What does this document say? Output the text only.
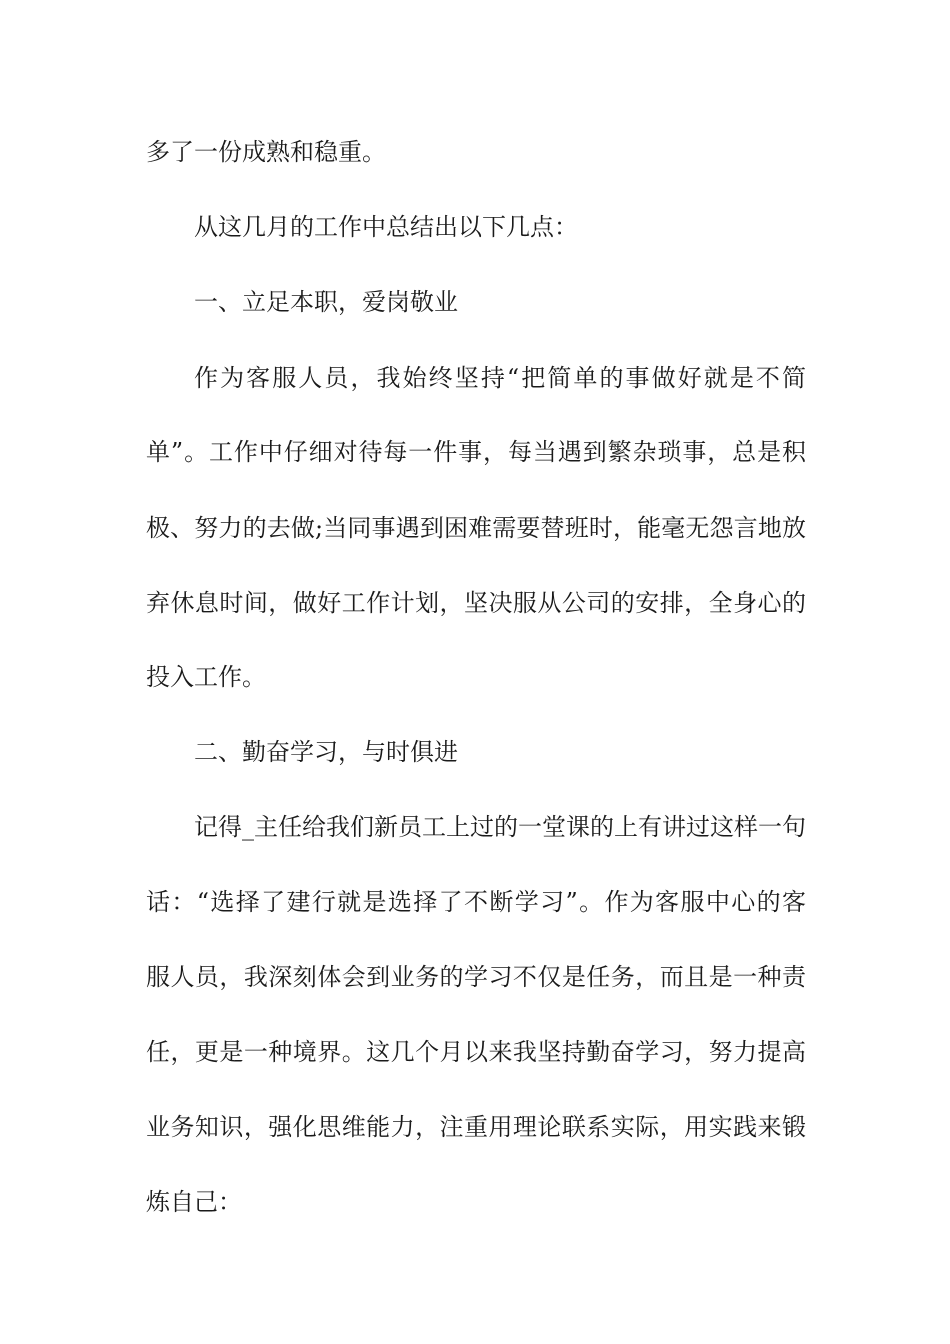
多了一份成熟和稳重。
从这几月的工作中总结出以下几点：
一、立足本职，爱岗敬业
作为客服人员，我始终坚持“把简单的事做好就是不简
单”。工作中仔细对待每一件事，每当遇到繁杂琐事，总是积
极、努力的去做;当同事遇到困难需要替班时，能毫无怨言地放
弃休息时间，做好工作计划，坚决服从公司的安排，全身心的
投入工作。
二、勤奋学习，与时俱进
记得_主任给我们新员工上过的一堂课的上有讲过这样一句
话：“选择了建行就是选择了不断学习”。作为客服中心的客
服人员，我深刻体会到业务的学习不仅是任务，而且是一种责
任，更是一种境界。这几个月以来我坚持勤奋学习，努力提高
业务知识，强化思维能力，注重用理论联系实际，用实践来锻
炼自己：
